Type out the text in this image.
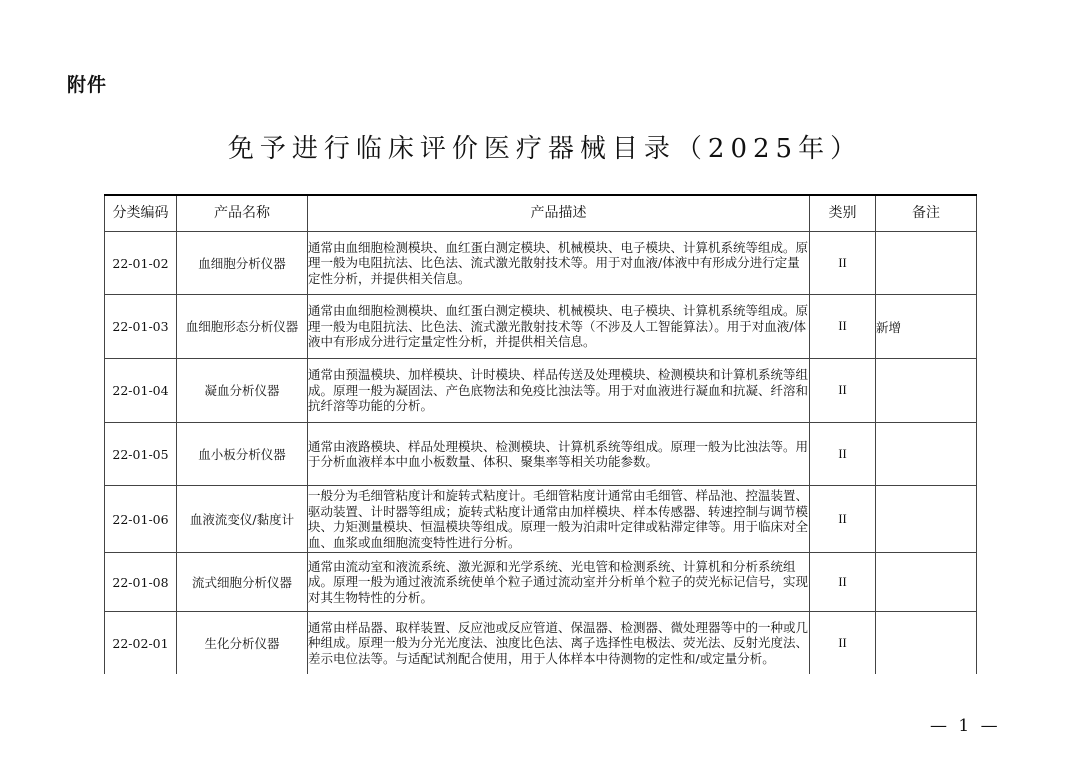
附件
免予进行临床评价医疗器械目录（2025年）
分类编码	产品名称	产品描述	类别	备注
22-01-02	血细胞分析仪器	通常由血细胞检测模块、血红蛋白测定模块、机械模块、电子模块、计算机系统等组成。原理一般为电阻抗法、比色法、流式激光散射技术等。用于对血液/体液中有形成分进行定量定性分析，并提供相关信息。	II	
22-01-03	血细胞形态分析仪器	通常由血细胞检测模块、血红蛋白测定模块、机械模块、电子模块、计算机系统等组成。原理一般为电阻抗法、比色法、流式激光散射技术等（不涉及人工智能算法）。用于对血液/体液中有形成分进行定量定性分析，并提供相关信息。	II	新增
22-01-04	凝血分析仪器	通常由预温模块、加样模块、计时模块、样品传送及处理模块、检测模块和计算机系统等组成。原理一般为凝固法、产色底物法和免疫比浊法等。用于对血液进行凝血和抗凝、纤溶和抗纤溶等功能的分析。	II	
22-01-05	血小板分析仪器	通常由液路模块、样品处理模块、检测模块、计算机系统等组成。原理一般为比浊法等。用于分析血液样本中血小板数量、体积、聚集率等相关功能参数。	II	
22-01-06	血液流变仪/黏度计	一般分为毛细管粘度计和旋转式粘度计。毛细管粘度计通常由毛细管、样品池、控温装置、驱动装置、计时器等组成；旋转式粘度计通常由加样模块、样本传感器、转速控制与调节模块、力矩测量模块、恒温模块等组成。原理一般为泊肃叶定律或粘滞定律等。用于临床对全血、血浆或血细胞流变特性进行分析。	II	
22-01-08	流式细胞分析仪器	通常由流动室和液流系统、激光源和光学系统、光电管和检测系统、计算机和分析系统组成。原理一般为通过液流系统使单个粒子通过流动室并分析单个粒子的荧光标记信号，实现对其生物特性的分析。	II	
22-02-01	生化分析仪器	通常由样品器、取样装置、反应池或反应管道、保温器、检测器、微处理器等中的一种或几种组成。原理一般为分光光度法、浊度比色法、离子选择性电极法、荧光法、反射光度法、差示电位法等。与适配试剂配合使用，用于人体样本中待测物的定性和/或定量分析。	II	
— 1 —
